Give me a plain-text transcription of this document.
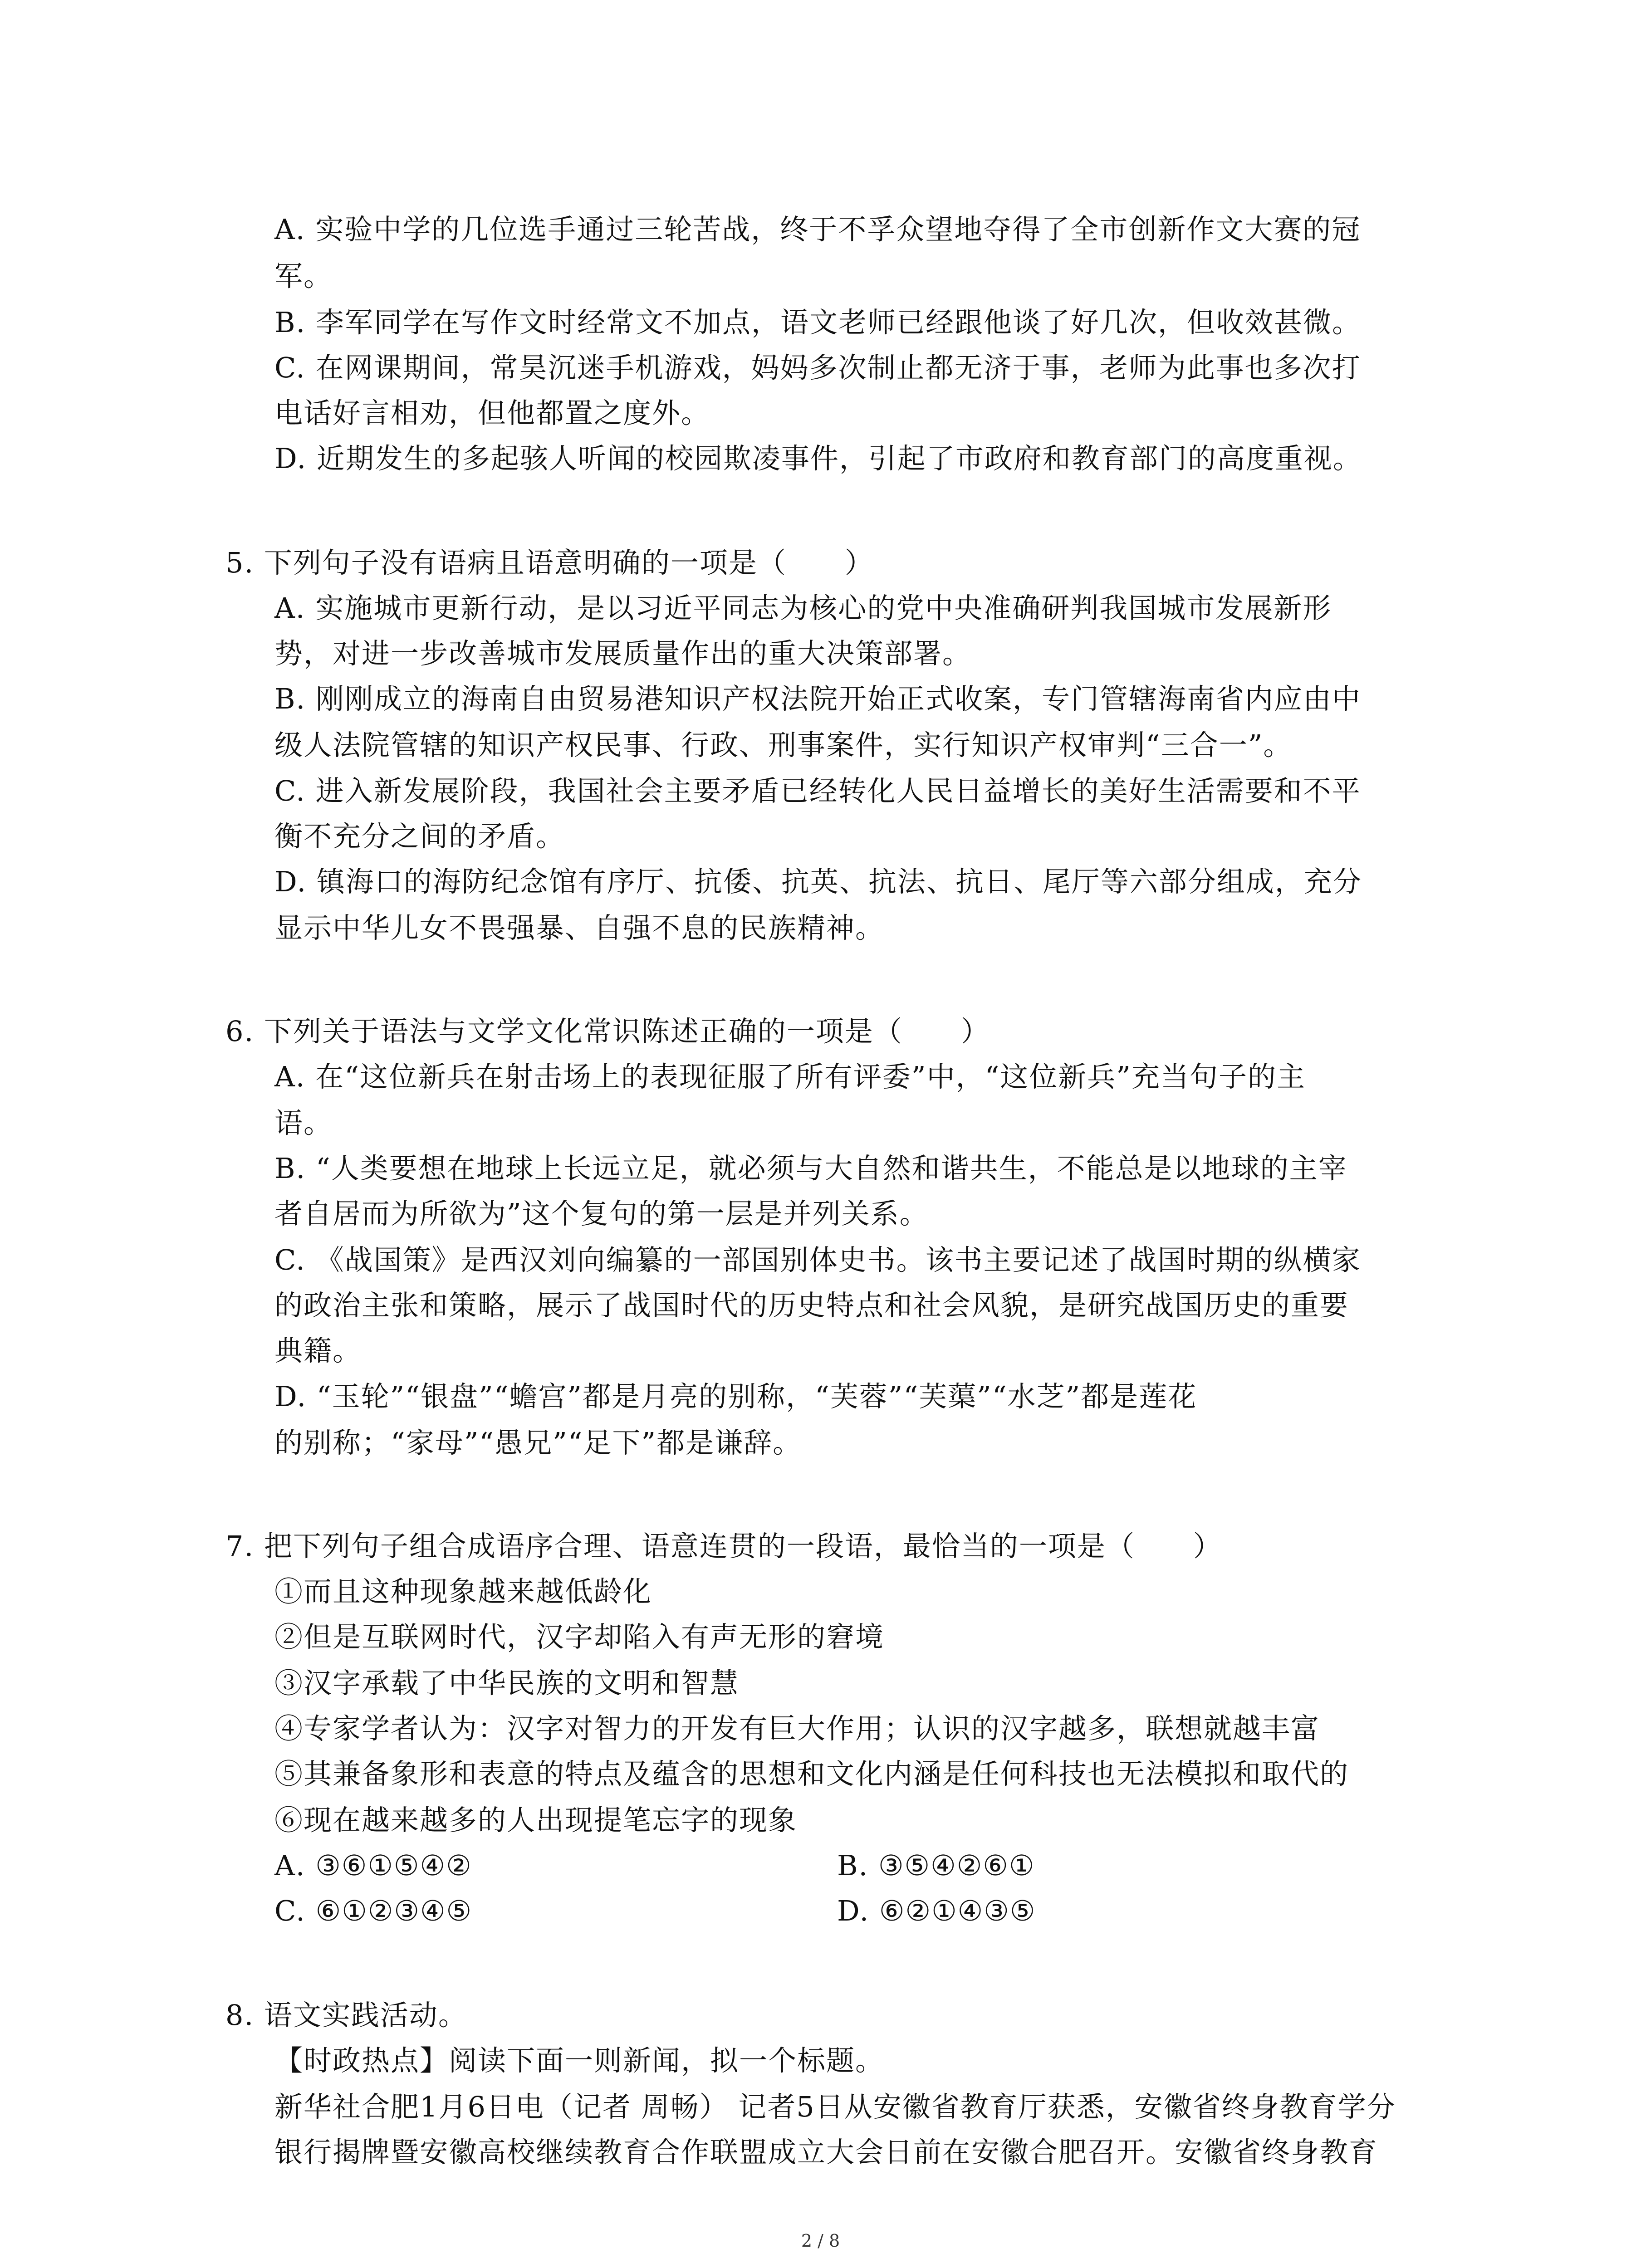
A. 实验中学的几位选手通过三轮苦战，终于不孚众望地夺得了全市创新作文大赛的冠
军。
B. 李军同学在写作文时经常文不加点，语文老师已经跟他谈了好几次，但收效甚微。
C. 在网课期间，常昊沉迷手机游戏，妈妈多次制止都无济于事，老师为此事也多次打
电话好言相劝，但他都置之度外。
D. 近期发生的多起骇人听闻的校园欺凌事件，引起了市政府和教育部门的高度重视。
5. 下列句子没有语病且语意明确的一项是（　　）
A. 实施城市更新行动，是以习近平同志为核心的党中央准确研判我国城市发展新形
势，对进一步改善城市发展质量作出的重大决策部署。
B. 刚刚成立的海南自由贸易港知识产权法院开始正式收案，专门管辖海南省内应由中
级人法院管辖的知识产权民事、行政、刑事案件，实行知识产权审判“三合一”。
C. 进入新发展阶段，我国社会主要矛盾已经转化人民日益增长的美好生活需要和不平
衡不充分之间的矛盾。
D. 镇海口的海防纪念馆有序厅、抗倭、抗英、抗法、抗日、尾厅等六部分组成，充分
显示中华儿女不畏强暴、自强不息的民族精神。
6. 下列关于语法与文学文化常识陈述正确的一项是（　　）
A. 在“这位新兵在射击场上的表现征服了所有评委”中，“这位新兵”充当句子的主
语。
B. “人类要想在地球上长远立足，就必须与大自然和谐共生，不能总是以地球的主宰
者自居而为所欲为”这个复句的第一层是并列关系。
C. 《战国策》是西汉刘向编纂的一部国别体史书。该书主要记述了战国时期的纵横家
的政治主张和策略，展示了战国时代的历史特点和社会风貌，是研究战国历史的重要
典籍。
D. “玉轮”“银盘”“蟾宫”都是月亮的别称，“芙蓉”“芙蕖”“水芝”都是莲花
的别称；“家母”“愚兄”“足下”都是谦辞。
7. 把下列句子组合成语序合理、语意连贯的一段语，最恰当的一项是（　　）
①而且这种现象越来越低龄化
②但是互联网时代，汉字却陷入有声无形的窘境
③汉字承载了中华民族的文明和智慧
④专家学者认为：汉字对智力的开发有巨大作用；认识的汉字越多，联想就越丰富
⑤其兼备象形和表意的特点及蕴含的思想和文化内涵是任何科技也无法模拟和取代的
⑥现在越来越多的人出现提笔忘字的现象
A. ③⑥①⑤④②	B. ③⑤④②⑥①
C. ⑥①②③④⑤	D. ⑥②①④③⑤
8. 语文实践活动。
【时政热点】阅读下面一则新闻，拟一个标题。
新华社合肥1月6日电（记者 周畅） 记者5日从安徽省教育厅获悉，安徽省终身教育学分
银行揭牌暨安徽高校继续教育合作联盟成立大会日前在安徽合肥召开。安徽省终身教育
2 / 8
